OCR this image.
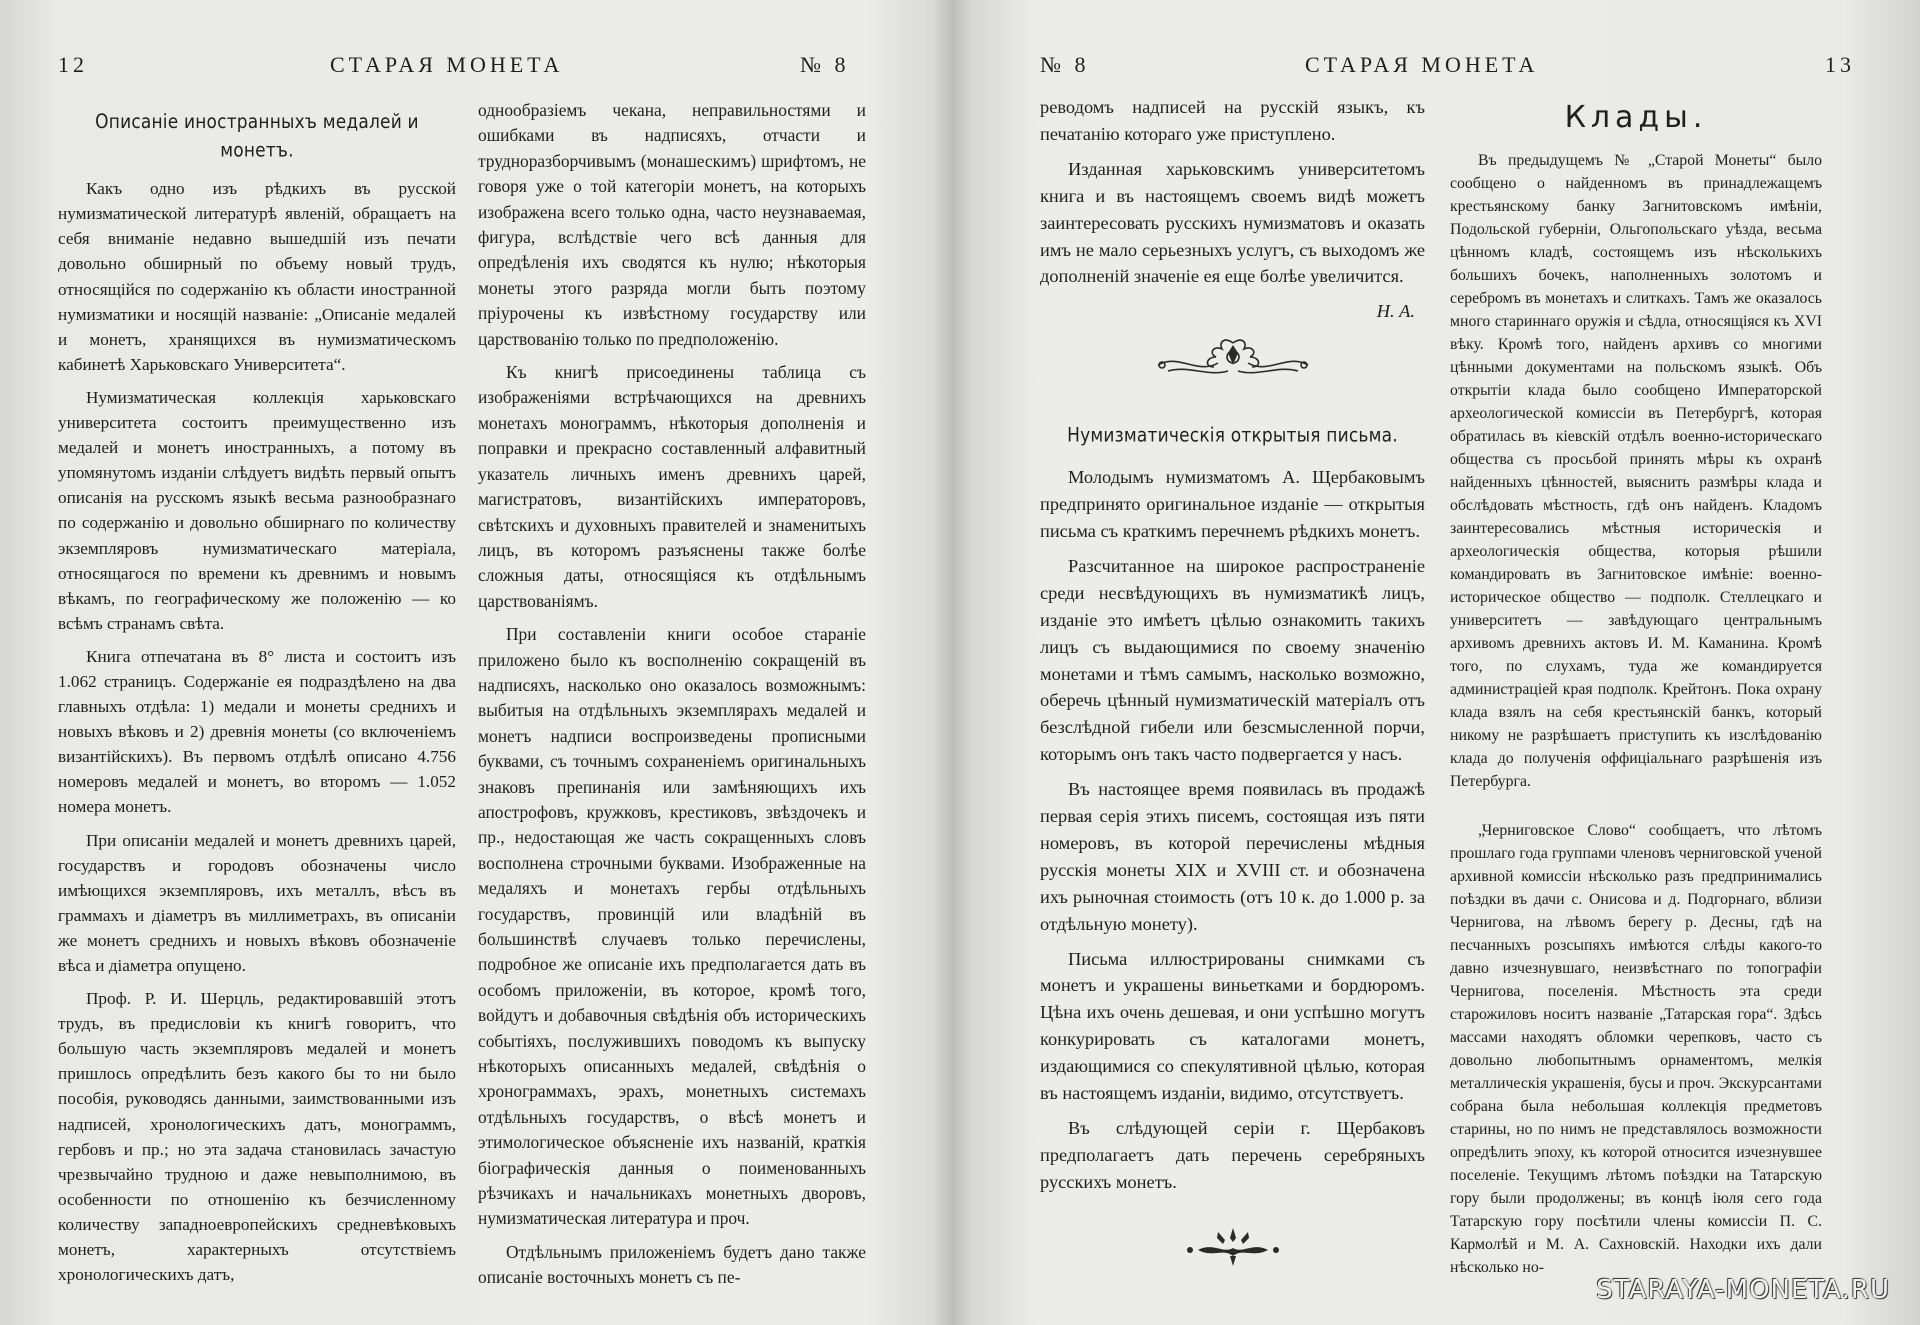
12	СТАРАЯ МОНЕТА	№ 8
Описанiе иностранныхъ медалей и монетъ.

Какъ одно изъ рѣдкихъ въ русской нумизматической литературѣ явленiй, обращаетъ на себя вниманiе недавно вышедшiй изъ печати довольно обширный по объему новый трудъ, относящiйся по содержанiю къ области иностранной нумизматики и носящiй названiе: „Описанiе медалей и монетъ, хранящихся въ нумизматическомъ кабинетѣ Харьковскаго Университета“.

Нумизматическая коллекцiя харьковскаго университета состоитъ преимущественно изъ медалей и монетъ иностранныхъ, а потому въ упомянутомъ изданiи слѣдуетъ видѣть первый опытъ описанiя на русскомъ языкѣ весьма разнообразнаго по содержанiю и довольно обширнаго по количеству экземпляровъ нумизматическаго матерiала, относящагося по времени къ древнимъ и новымъ вѣкамъ, по географическому же положенiю — ко всѣмъ странамъ свѣта.

Книга отпечатана въ 8° листа и состоитъ изъ 1.062 страницъ. Содержанiе ея подраздѣлено на два главныхъ отдѣла: 1) медали и монеты среднихъ и новыхъ вѣковъ и 2) древнiя монеты (со включенiемъ византiйскихъ). Въ первомъ отдѣлѣ описано 4.756 номеровъ медалей и монетъ, во второмъ — 1.052 номера монетъ.

При описанiи медалей и монетъ древнихъ царей, государствъ и городовъ обозначены число имѣющихся экземпляровъ, ихъ металлъ, вѣсъ въ граммахъ и дiаметръ въ миллиметрахъ, въ описанiи же монетъ среднихъ и новыхъ вѣковъ обозначенiе вѣса и дiаметра опущено.

Проф. Р. И. Шерцль, редактировавшiй этотъ трудъ, въ предисловiи къ книгѣ говоритъ, что большую часть экземпляровъ медалей и монетъ пришлось опредѣлить безъ какого бы то ни было пособiя, руководясь данными, заимствованными изъ надписей, хронологическихъ датъ, монограммъ, гербовъ и пр.; но эта задача становилась зачастую чрезвычайно трудною и даже невыполнимою, въ особенности по отношенiю къ безчисленному количеству западноевропейскихъ средневѣковыхъ монетъ, характерныхъ отсутствiемъ хронологическихъ датъ,

однообразiемъ чекана, неправильностями и ошибками въ надписяхъ, отчасти и трудноразборчивымъ (монашескимъ) шрифтомъ, не говоря уже о той категорiи монетъ, на которыхъ изображена всего только одна, часто неузнаваемая, фигура, вслѣдствiе чего всѣ данныя для опредѣленiя ихъ сводятся къ нулю; нѣкоторыя монеты этого разряда могли быть поэтому прiурочены къ извѣстному государству или царствованiю только по предположенiю.

Къ книгѣ присоединены таблица съ изображенiями встрѣчающихся на древнихъ монетахъ монограммъ, нѣкоторыя дополненiя и поправки и прекрасно составленный алфавитный указатель личныхъ именъ древнихъ царей, магистратовъ, византiйскихъ императоровъ, свѣтскихъ и духовныхъ правителей и знаменитыхъ лицъ, въ которомъ разъяснены также болѣе сложныя даты, относящiяся къ отдѣльнымъ царствованiямъ.

При составленiи книги особое старанiе приложено было къ восполненiю сокращенiй въ надписяхъ, насколько оно оказалось возможнымъ: выбитыя на отдѣльныхъ экземплярахъ медалей и монетъ надписи воспроизведены прописными буквами, съ точнымъ сохраненiемъ оригинальныхъ знаковъ препинанiя или замѣняющихъ ихъ апострофовъ, кружковъ, крестиковъ, звѣздочекъ и пр., недостающая же часть сокращенныхъ словъ восполнена строчными буквами. Изображенные на медаляхъ и монетахъ гербы отдѣльныхъ государствъ, провинцiй или владѣнiй въ большинствѣ случаевъ только перечислены, подробное же описанiе ихъ предполагается дать въ особомъ приложенiи, въ которое, кромѣ того, войдутъ и добавочныя свѣдѣнiя объ историческихъ событiяхъ, послужившихъ поводомъ къ выпуску нѣкоторыхъ описанныхъ медалей, свѣдѣнiя о хронограммахъ, эрахъ, монетныхъ системахъ отдѣльныхъ государствъ, о вѣсѣ монетъ и этимологическое объясненiе ихъ названiй, краткiя бiографическiя данныя о поименованныхъ рѣзчикахъ и начальникахъ монетныхъ дворовъ, нумизматическая литература и проч.

Отдѣльнымъ приложенiемъ будетъ дано также описанiе восточныхъ монетъ съ пе-

№ 8	СТАРАЯ МОНЕТА	13

реводомъ надписей на русскiй языкъ, къ печатанiю котораго уже приступлено.

Изданная харьковскимъ университетомъ книга и въ настоящемъ своемъ видѣ можетъ заинтересовать русскихъ нумизматовъ и оказать имъ не мало серьезныхъ услугъ, съ выходомъ же дополненiй значенiе ея еще болѣе увеличится.

Н. А.
Нумизматическiя открытыя письма.

Молодымъ нумизматомъ А. Щербаковымъ предпринято оригинальное изданiе — открытыя письма съ краткимъ перечнемъ рѣдкихъ монетъ.

Разсчитанное на широкое распространенiе среди несвѣдующихъ въ нумизматикѣ лицъ, изданiе это имѣетъ цѣлью ознакомить такихъ лицъ съ выдающимися по своему значенiю монетами и тѣмъ самымъ, насколько возможно, оберечь цѣнный нумизматическiй матерiалъ отъ безслѣдной гибели или безсмысленной порчи, которымъ онъ такъ часто подвергается у насъ.

Въ настоящее время появилась въ продажѣ первая серiя этихъ писемъ, состоящая изъ пяти номеровъ, въ которой перечислены мѣдныя русскiя монеты XIX и XVIII ст. и обозначена ихъ рыночная стоимость (отъ 10 к. до 1.000 р. за отдѣльную монету).

Письма иллюстрированы снимками съ монетъ и украшены виньетками и бордюромъ. Цѣна ихъ очень дешевая, и они успѣшно могутъ конкурировать съ каталогами монетъ, издающимися со спекулятивной цѣлью, которая въ настоящемъ изданiи, видимо, отсутствуетъ.

Въ слѣдующей серiи г. Щербаковъ предполагаетъ дать перечень серебряныхъ русскихъ монетъ.

Клады.

Въ предыдущемъ № „Старой Монеты“ было сообщено о найденномъ въ принадлежащемъ крестьянскому банку Загнитовскомъ имѣнiи, Подольской губернiи, Ольгопольскаго уѣзда, весьма цѣнномъ кладѣ, состоящемъ изъ нѣсколькихъ большихъ бочекъ, наполненныхъ золотомъ и серебромъ въ монетахъ и слиткахъ. Тамъ же оказалось много стариннаго оружiя и сѣдла, относящiяся къ XVI вѣку. Кромѣ того, найденъ архивъ со многими цѣнными документами на польскомъ языкѣ. Объ открытiи клада было сообщено Императорской археологической комиссiи въ Петербургѣ, которая обратилась въ кiевскiй отдѣлъ военно-историческаго общества съ просьбой принять мѣры къ охранѣ найденныхъ цѣнностей, выяснить размѣры клада и обслѣдовать мѣстность, гдѣ онъ найденъ. Кладомъ заинтересовались мѣстныя историческiя и археологическiя общества, которыя рѣшили командировать въ Загнитовское имѣнiе: военно-историческое общество — подполк. Стеллецкаго и университетъ — завѣдующаго центральнымъ архивомъ древнихъ актовъ И. М. Каманина. Кромѣ того, по слухамъ, туда же командируется администрацiей края подполк. Крейтонъ. Пока охрану клада взялъ на себя крестьянскiй банкъ, который никому не разрѣшаетъ приступить къ изслѣдованiю клада до полученiя оффицiальнаго разрѣшенiя изъ Петербурга.

„Черниговское Слово“ сообщаетъ, что лѣтомъ прошлаго года группами членовъ черниговской ученой архивной комиссiи нѣсколько разъ предпринимались поѣздки въ дачи с. Онисова и д. Подгорнаго, вблизи Чернигова, на лѣвомъ берегу р. Десны, гдѣ на песчанныхъ розсыпяхъ имѣются слѣды какого-то давно изчезнувшаго, неизвѣстнаго по топографiи Чернигова, поселенiя. Мѣстность эта среди старожиловъ носитъ названiе „Татарская гора“. Здѣсь массами находятъ обломки черепковъ, часто съ довольно любопытнымъ орнаментомъ, мелкiя металлическiя украшенiя, бусы и проч. Экскурсантами собрана была небольшая коллекцiя предметовъ старины, но по нимъ не представлялось возможности опредѣлить эпоху, къ которой относится изчезнувшее поселенiе. Текущимъ лѣтомъ поѣздки на Татарскую гору были продолжены; въ концѣ iюля сего года Татарскую гору посѣтили члены комиссiи П. С. Кармолѣй и М. А. Сахновскiй. Находки ихъ дали нѣсколько но-

STARAYA-MONETA.RU
